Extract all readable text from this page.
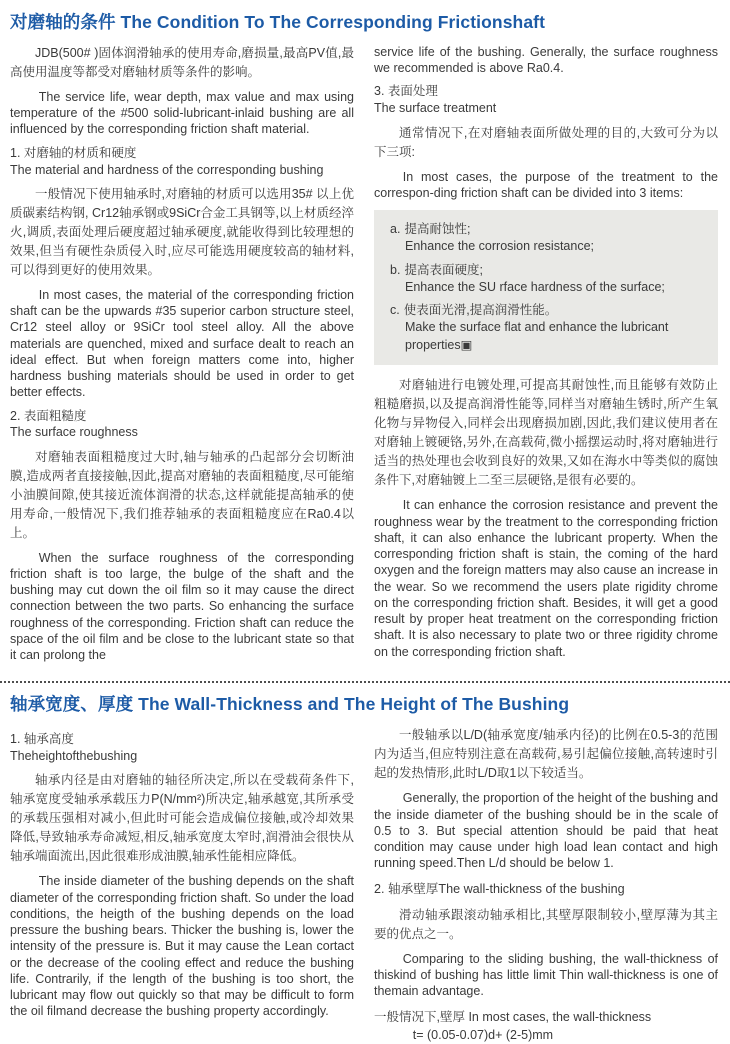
对磨轴的条件 The Condition To The Corresponding Frictionshaft

JDB(500# )固体润滑轴承的使用寿命,磨损量,最高PV值,最高使用温度等都受对磨轴材质等条件的影响。

The service life, wear depth, max value and max using temperature of the #500 solid-lubricant-inlaid bushing are all influenced by the corresponding friction shaft material.

1. 对磨轴的材质和硬度

The material and hardness of the corresponding bushing

一般情况下使用轴承时,对磨轴的材质可以选用35# 以上优质碳素结构钢, Cr12轴承钢或9SiCr合金工具钢等,以上材质经淬火,调质,表面处理后硬度超过轴承硬度,就能收得到比较理想的效果,但当有硬性杂质侵入时,应尽可能选用硬度较高的轴材料,可以得到更好的使用效果。

In most cases, the material of the corresponding friction shaft can be the upwards #35 superior carbon structure steel, Cr12 steel alloy or 9SiCr tool steel alloy. All the above materials are quenched, mixed and surface dealt to reach an ideal effect. But when foreign matters come into, higher hardness bushing materials should be used in order to get better effects.

2. 表面粗糙度

The surface roughness

对磨轴表面粗糙度过大时,轴与轴承的凸起部分会切断油膜,造成两者直接接触,因此,提高对磨轴的表面粗糙度,尽可能缩小油膜间隙,使其接近流体润滑的状态,这样就能提高轴承的使用寿命,一般情况下,我们推荐轴承的表面粗糙度应在Ra0.4以上。

When the surface roughness of the corresponding friction shaft is too large, the bulge of the shaft and the bushing may cut down the oil film so it may cause the direct connection between the two parts. So enhancing the surface roughness of the corresponding. Friction shaft can reduce the space of the oil film and be close to the lubricant state so that it can prolong the

service life of the bushing. Generally, the surface roughness we recommended is above Ra0.4.

3. 表面处理

The surface treatment

通常情况下,在对磨轴表面所做处理的目的,大致可分为以下三项:

In most cases, the purpose of the treatment to the correspon-ding friction shaft can be divided into 3 items:

a. 提高耐蚀性;
Enhance the corrosion resistance;
b. 提高表面硬度;
Enhance the SU rface hardness of the surface;
c. 使表面光滑,提高润滑性能。
Make the surface flat and enhance the lubricant properties▣

对磨轴进行电镀处理,可提高其耐蚀性,而且能够有效防止粗糙磨损,以及提高润滑性能等,同样当对磨轴生锈时,所产生氧化物与异物侵入,同样会出现磨损加剧,因此,我们建议使用者在对磨轴上镀硬铬,另外,在高载荷,微小摇摆运动时,将对磨轴进行适当的热处理也会收到良好的效果,又如在海水中等类似的腐蚀条件下,对磨轴镀上二至三层硬铬,是很有必要的。

It can enhance the corrosion resistance and prevent the roughness wear by the treatment to the corresponding friction shaft, it can also enhance the lubricant property. When the corresponding friction shaft is stain, the coming of the hard oxygen and the foreign matters may also cause an increase in the wear. So we recommend the users plate rigidity chrome on the corresponding friction shaft. Besides, it will get a good result by proper heat treatment on the corresponding friction shaft. It is also necessary to plate two or three rigidity chrome on the corresponding friction shaft.

轴承宽度、厚度 The Wall-Thickness and The Height of The Bushing

1. 轴承高度

Theheightofthebushing

轴承内径是由对磨轴的轴径所决定,所以在受载荷条件下,轴承宽度受轴承承载压力P(N/mm²)所决定,轴承越宽,其所承受的承载压强相对减小,但此时可能会造成偏位接触,或冷却效果降低,导致轴承寿命减短,相反,轴承宽度太窄时,润滑油会很快从轴承端面流出,因此很难形成油膜,轴承性能相应降低。

The inside diameter of the bushing depends on the shaft diameter of the corresponding friction shaft. So under the load conditions, the heigth of the bushing depends on the load pressure the bushing bears. Thicker the bushing is, lower the intensity of the pressure is. But it may cause the Lean cortact or the decrease of the cooling effect and reduce the bushing life. Contrarily, if the length of the bushing is too short, the lubricant may flow out quickly so that may be difficult to form the oil filmand decrease the bushing property accordingly.

一般轴承以L/D(轴承宽度/轴承内径)的比例在0.5-3的范围内为适当,但应特别注意在高载荷,易引起偏位接触,高转速时引起的发热情形,此时L/D取1以下较适当。

Generally, the proportion of the height of the bushing and the inside diameter of the bushing should be in the scale of 0.5 to 3. But special attention should be paid that heat condition may cause under high load lean contact and high running speed.Then L/d should be below 1.

2. 轴承壁厚The wall-thickness of the bushing

滑动轴承跟滚动轴承相比,其壁厚限制较小,壁厚薄为其主要的优点之一。

Comparing to the sliding bushing, the wall-thickness of thiskind of bushing has little limit Thin wall-thickness is one of themain advantage.

一般情况下,壁厚 In most cases, the wall-thickness

t= (0.05-0.07)d+ (2-5)mm
